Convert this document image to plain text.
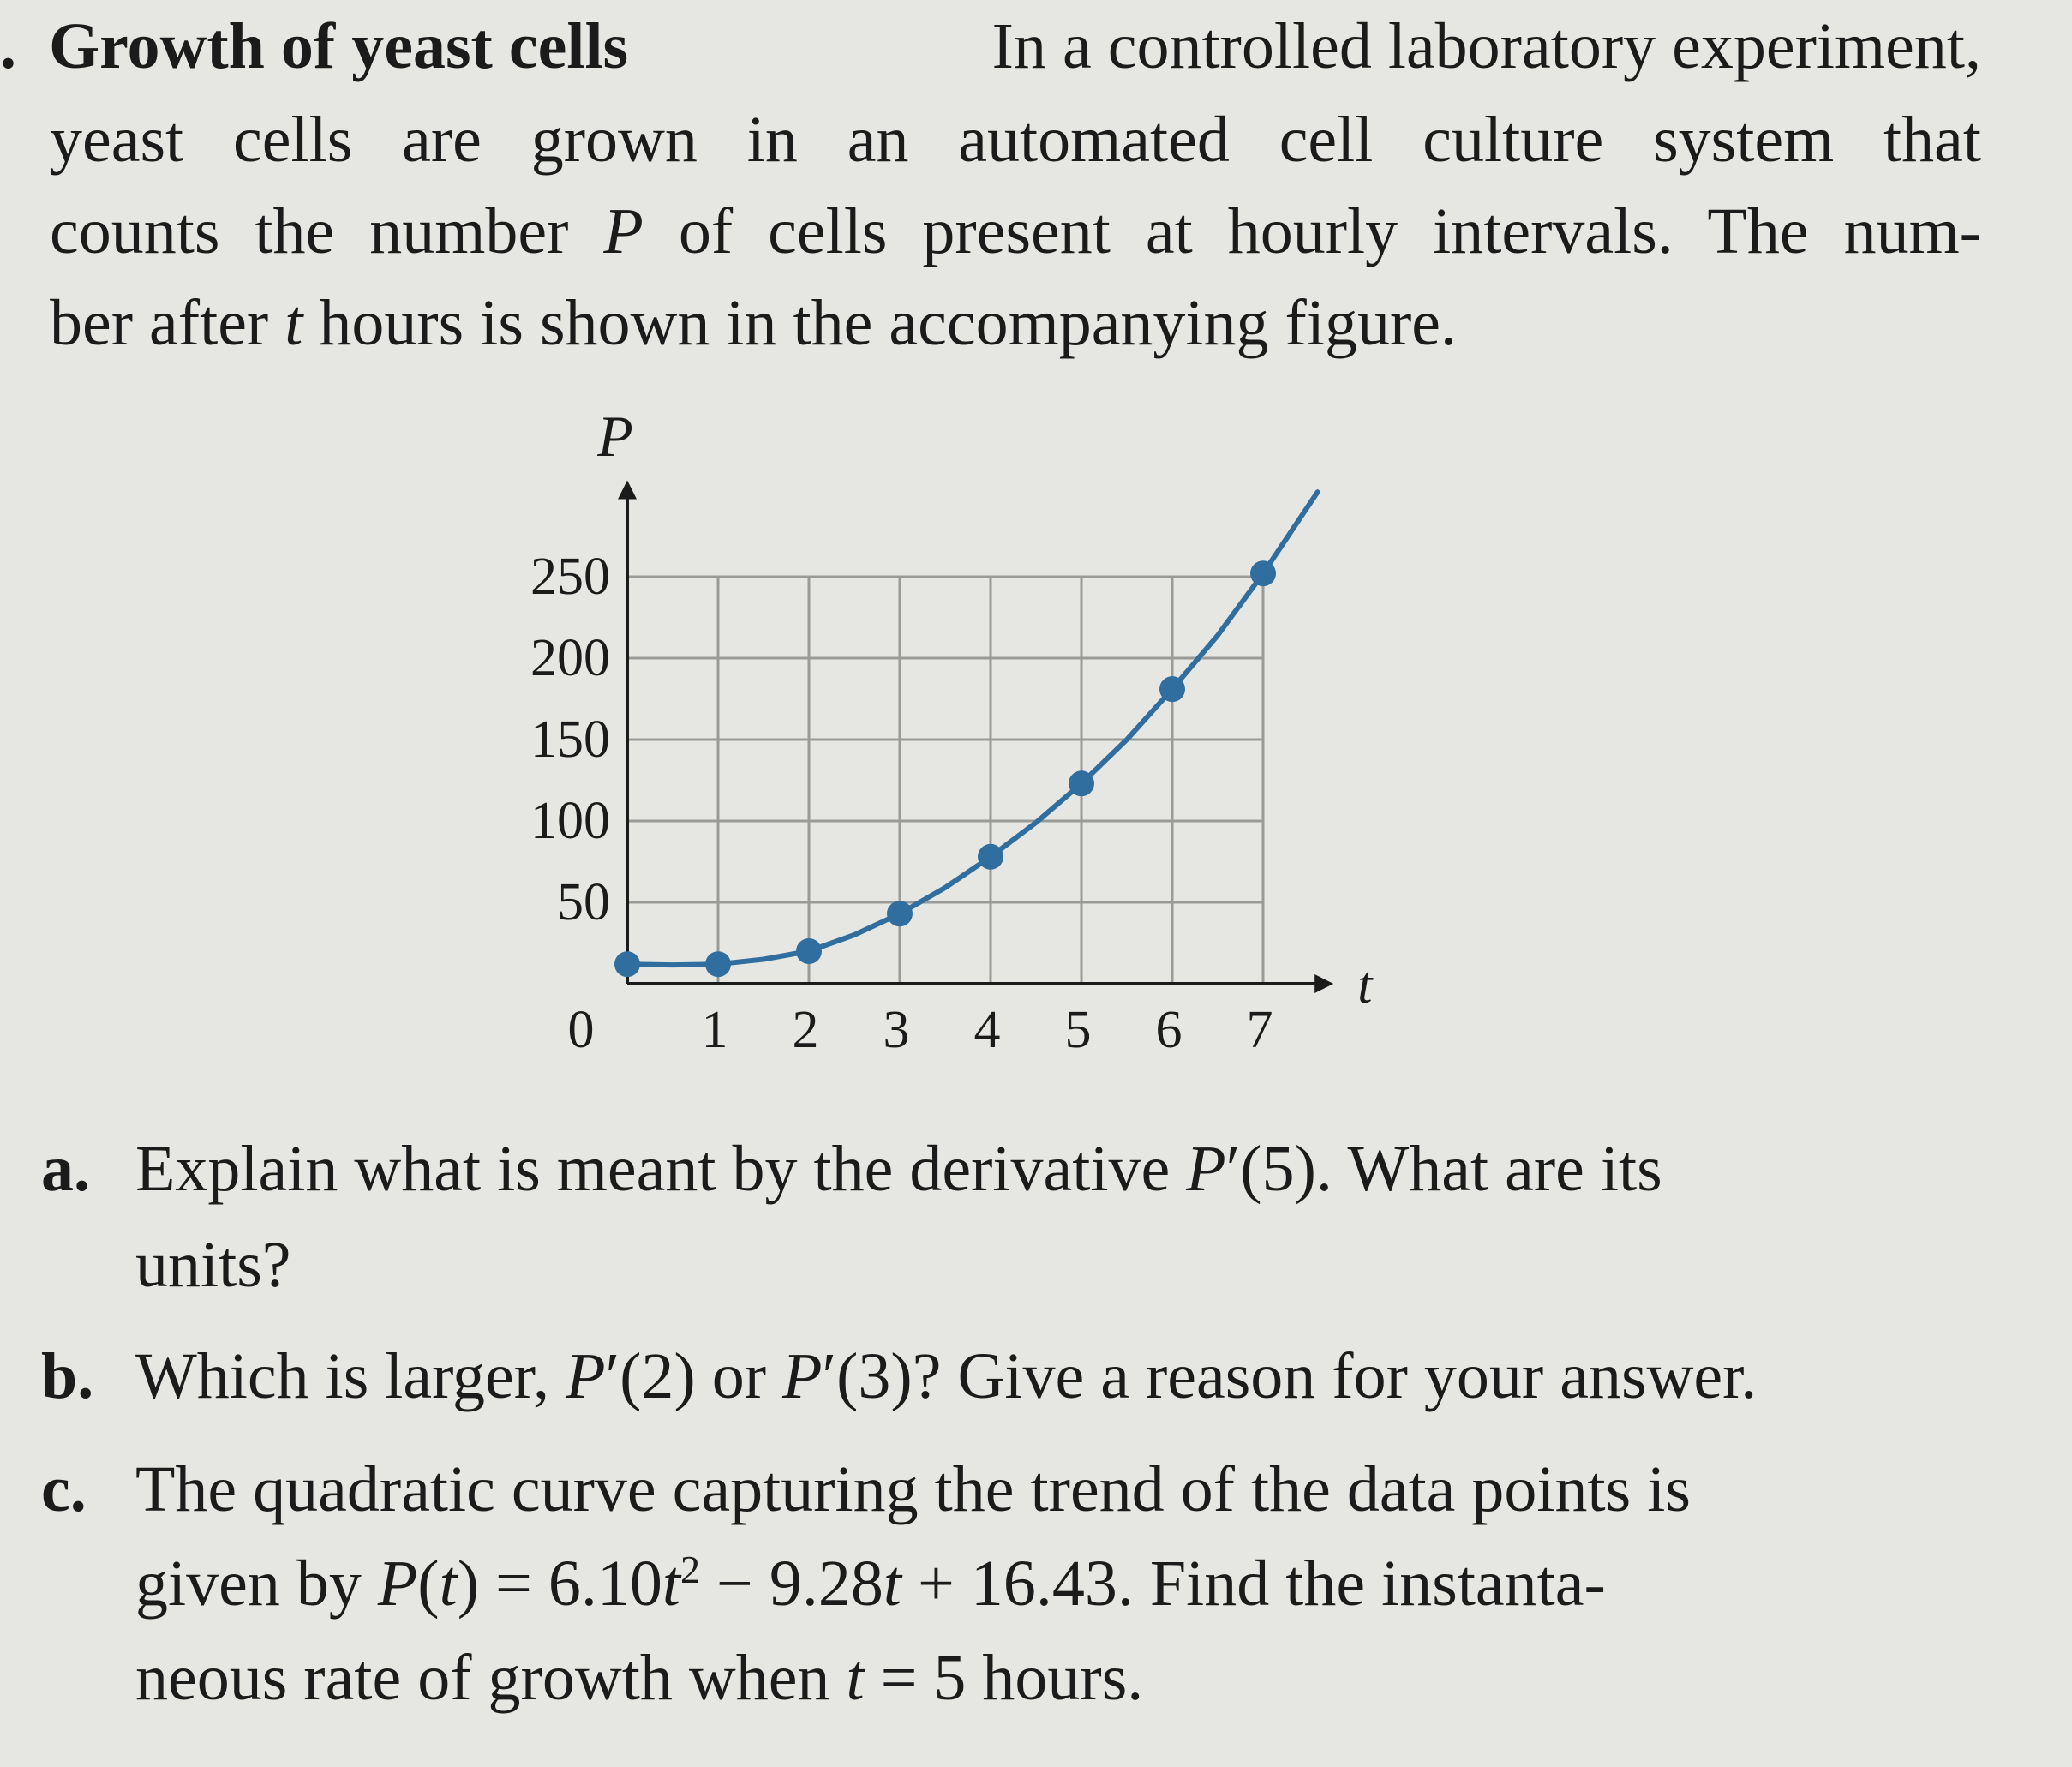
. Growth of yeast cells	In a controlled laboratory experiment,
yeast cells are grown in an automated cell culture system that
counts the number P of cells present at hourly intervals. The num-
ber after t hours is shown in the accompanying figure.
50
100
150
200
250
1 2 3 4 5 6 7
0
P
t
a. Explain what is meant by the derivative P′(5). What are its
units?
b. Which is larger, P′(2) or P′(3)? Give a reason for your answer.
c. The quadratic curve capturing the trend of the data points is
given by $P(t) = 6.10t^2 - 9.28t + 16.43$. Find the instanta-
neous rate of growth when t = 5 hours.
